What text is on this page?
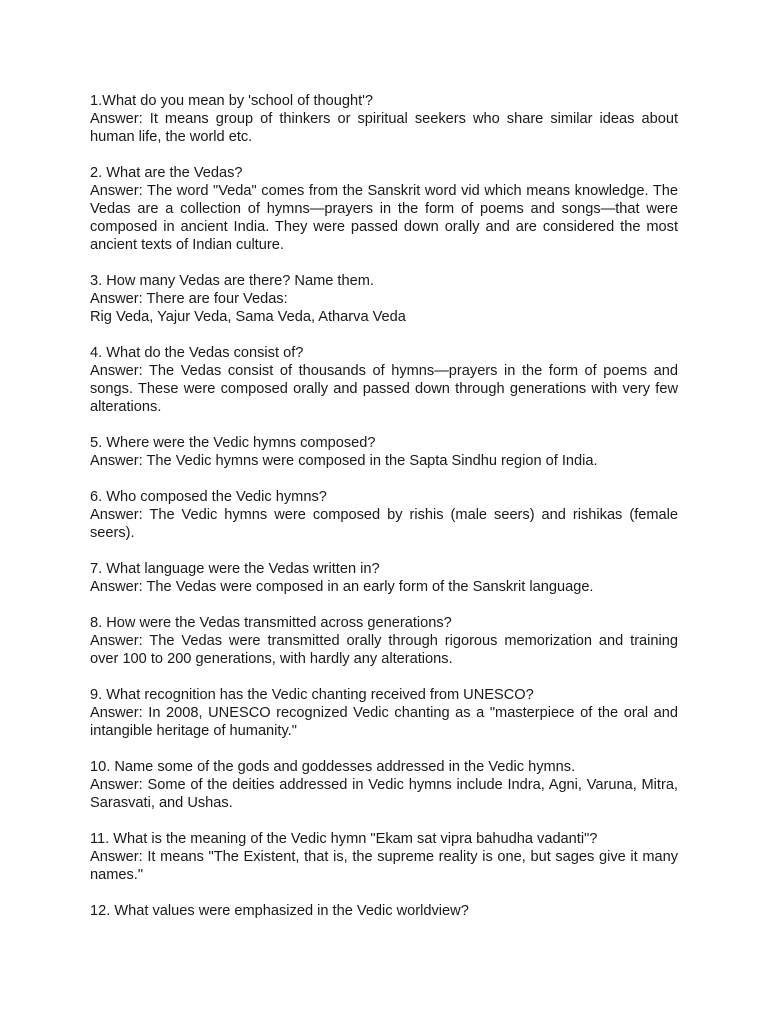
1.What do you mean by 'school of thought'?

Answer: It means group of thinkers or spiritual seekers who share similar ideas about human life, the world etc.

2. What are the Vedas?

Answer: The word "Veda" comes from the Sanskrit word vid which means knowledge. The Vedas are a collection of hymns—prayers in the form of poems and songs—that were composed in ancient India. They were passed down orally and are considered the most ancient texts of Indian culture.

3. How many Vedas are there? Name them.

Answer: There are four Vedas:

Rig Veda, Yajur Veda, Sama Veda, Atharva Veda

4. What do the Vedas consist of?

Answer: The Vedas consist of thousands of hymns—prayers in the form of poems and songs. These were composed orally and passed down through generations with very few alterations.

5. Where were the Vedic hymns composed?

Answer: The Vedic hymns were composed in the Sapta Sindhu region of India.

6. Who composed the Vedic hymns?

Answer: The Vedic hymns were composed by rishis (male seers) and rishikas (female seers).

7. What language were the Vedas written in?

Answer: The Vedas were composed in an early form of the Sanskrit language.

8. How were the Vedas transmitted across generations?

Answer: The Vedas were transmitted orally through rigorous memorization and training over 100 to 200 generations, with hardly any alterations.

9. What recognition has the Vedic chanting received from UNESCO?

Answer: In 2008, UNESCO recognized Vedic chanting as a "masterpiece of the oral and intangible heritage of humanity."

10. Name some of the gods and goddesses addressed in the Vedic hymns.

Answer: Some of the deities addressed in Vedic hymns include Indra, Agni, Varuna, Mitra, Sarasvati, and Ushas.

11. What is the meaning of the Vedic hymn "Ekam sat vipra bahudha vadanti"?

Answer: It means "The Existent, that is, the supreme reality is one, but sages give it many names."

12. What values were emphasized in the Vedic worldview?
